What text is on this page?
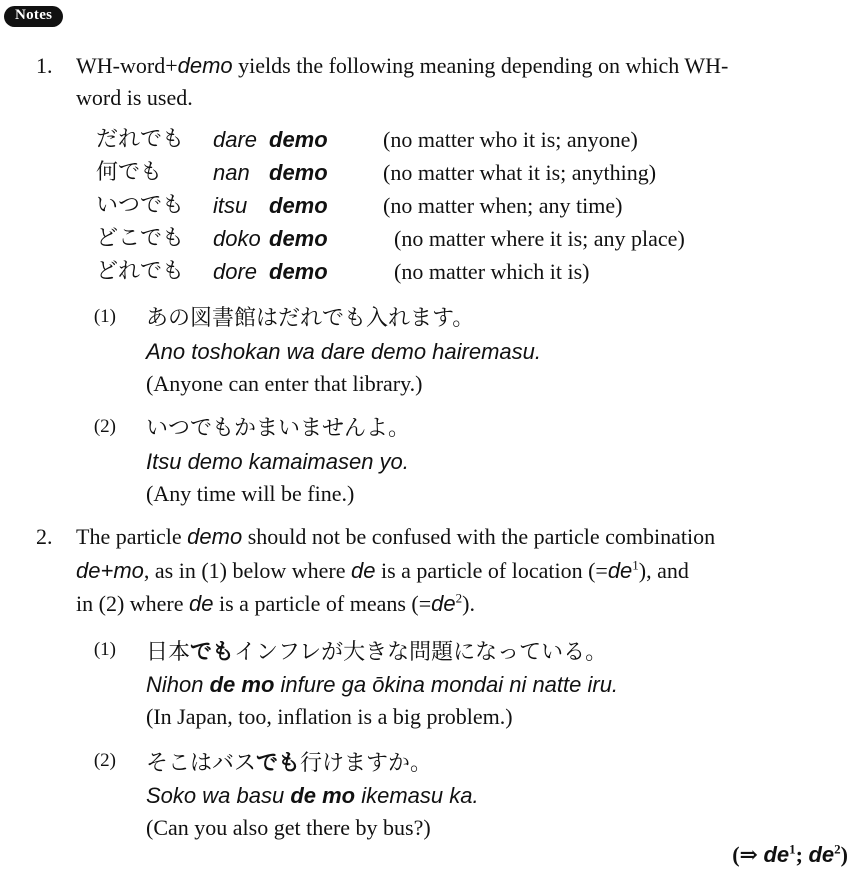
Notes
1. WH-word+demo yields the following meaning depending on which WH-
word is used.
だれでも dare demo	(no matter who it is; anyone)
何でも nan demo	(no matter what it is; anything)
いつでも itsu demo	(no matter when; any time)
どこでも doko demo	(no matter where it is; any place)
どれでも dore demo	(no matter which it is)
(1) あの図書館はだれでも入れます。
Ano toshokan wa dare demo hairemasu.
(Anyone can enter that library.)
(2) いつでもかまいませんよ。
Itsu demo kamaimasen yo.
(Any time will be fine.)
2. The particle demo should not be confused with the particle combination
de+mo, as in (1) below where de is a particle of location $(=de^1)$, and
in (2) where de is a particle of means $(=de^2)$.
(1) 日本でもインフレが大きな問題になっている。
Nihon de mo infure ga ōkina mondai ni natte iru.
(In Japan, too, inflation is a big problem.)
(2) そこはバスでも行けますか。
Soko wa basu de mo ikemasu ka.
(Can you also get there by bus?)
(⇒ $de^1$; $de^2$)
